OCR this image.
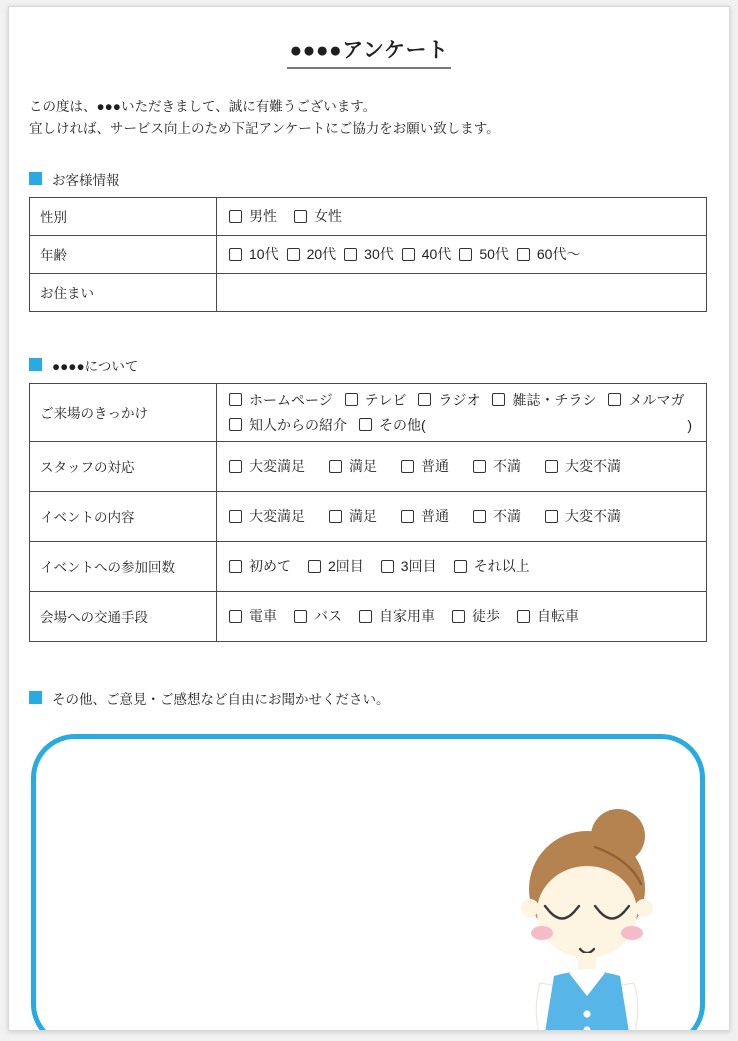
●●●●アンケート
この度は、●●●いただきまして、誠に有難うございます。
宜しければ、サービス向上のため下記アンケートにご協力をお願い致します。
お客様情報
性別	男性 女性

年齢	10代 20代 30代 40代 50代 60代～

お住まい	
●●●●について
ご来場のきっかけ	
ホームページ テレビ ラジオ 雑誌・チラシ メルマガ
知人からの紹介 その他(	)

スタッフの対応	大変満足 満足 普通 不満 大変不満

イベントの内容	大変満足 満足 普通 不満 大変不満

イベントへの参加回数	初めて 2回目 3回目 それ以上

会場への交通手段	電車 バス 自家用車 徒歩 自転車
その他、ご意見・ご感想など自由にお聞かせください。
